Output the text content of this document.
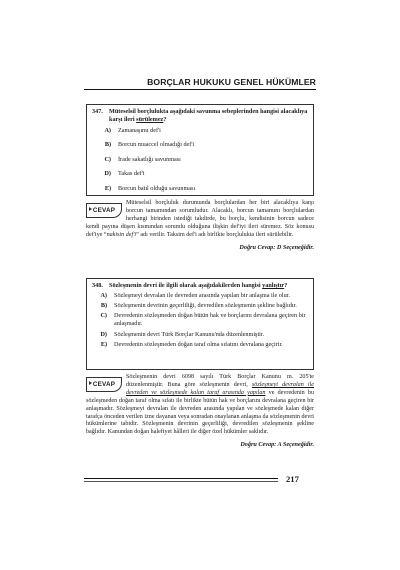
BORÇLAR HUKUKU GENEL HÜKÜMLER
347. Müteselsil borçlulukta aşağıdaki savunma sebeplerinden hangisi alacaklıya karşı ileri sürülemez?
A)	Zamanaşımı def'i
B)	Borcun muaccel olmadığı def'i
C)	İrade sakatlığı savunması
D)	Takas def'i
E)	Borcun batıl olduğu savunması
CEVAP

Müteselsil borçluluk durumunda borçlulardan her biri alacaklıya karşı borcun tamamından sorumludur. Alacaklı, borcun tamamını borçlulardan herhangi birinden istediği takdirde, bu borçlu, kendisinin borcun sadece kendi payına düşen kısmından sorumlu olduğuna ilişkin def'iyi ileri süremez. Söz konusu def'iye “nakisin def'i” adı verilir. Taksim def'i adı birlikte borçlulukta ileri sürülebilir.

Doğru Cevap: D Seçeneğidir.
348. Sözleşmenin devri ile ilgili olarak aşağıdakilerden hangisi yanlıştır?
A)	Sözleşmeyi devralan ile devreden arasında yapılan bir anlaşma ile olur.
B)	Sözleşmenin devrinin geçerliliği, devredilen sözleşmenin şekline bağlıdır.
C)	Devredenin sözleşmeden doğan bütün hak ve borçlarını devralana geçiren bir anlaşmadır.
D)	Sözleşmenin devri Türk Borçlar Kanunu'nda düzenlenmiştir.
E)	Devredenin sözleşmeden doğan taraf olma sıfatını devralana geçirir.
CEVAP

Sözleşmenin devri 6098 sayılı Türk Borçlar Kanunu m. 205'te düzenlenmiştir. Buna göre sözleşmenin devri, sözleşmeyi devralan ile devreden ve sözleşmede kalan taraf arasında yapılan ve devredenin bu sözleşmeden doğan taraf olma sıfatı ile birlikte bütün hak ve borçlarını devralana geçiren bir anlaşmadır. Sözleşmeyi devralan ile devreden arasında yapılan ve sözleşmede kalan diğer tarafça önceden verilen izne dayanan veya sonradan onaylanan anlaşma da sözleşmenin devri hükümlerine tabidir. Sözleşmenin devrinin geçerliliği, devredilen sözleşmenin şekline bağlıdır. Kanundan doğan halefiyet hâlleri ile diğer özel hükümler saklıdır.

Doğru Cevap: A Seçeneğidir.
217
